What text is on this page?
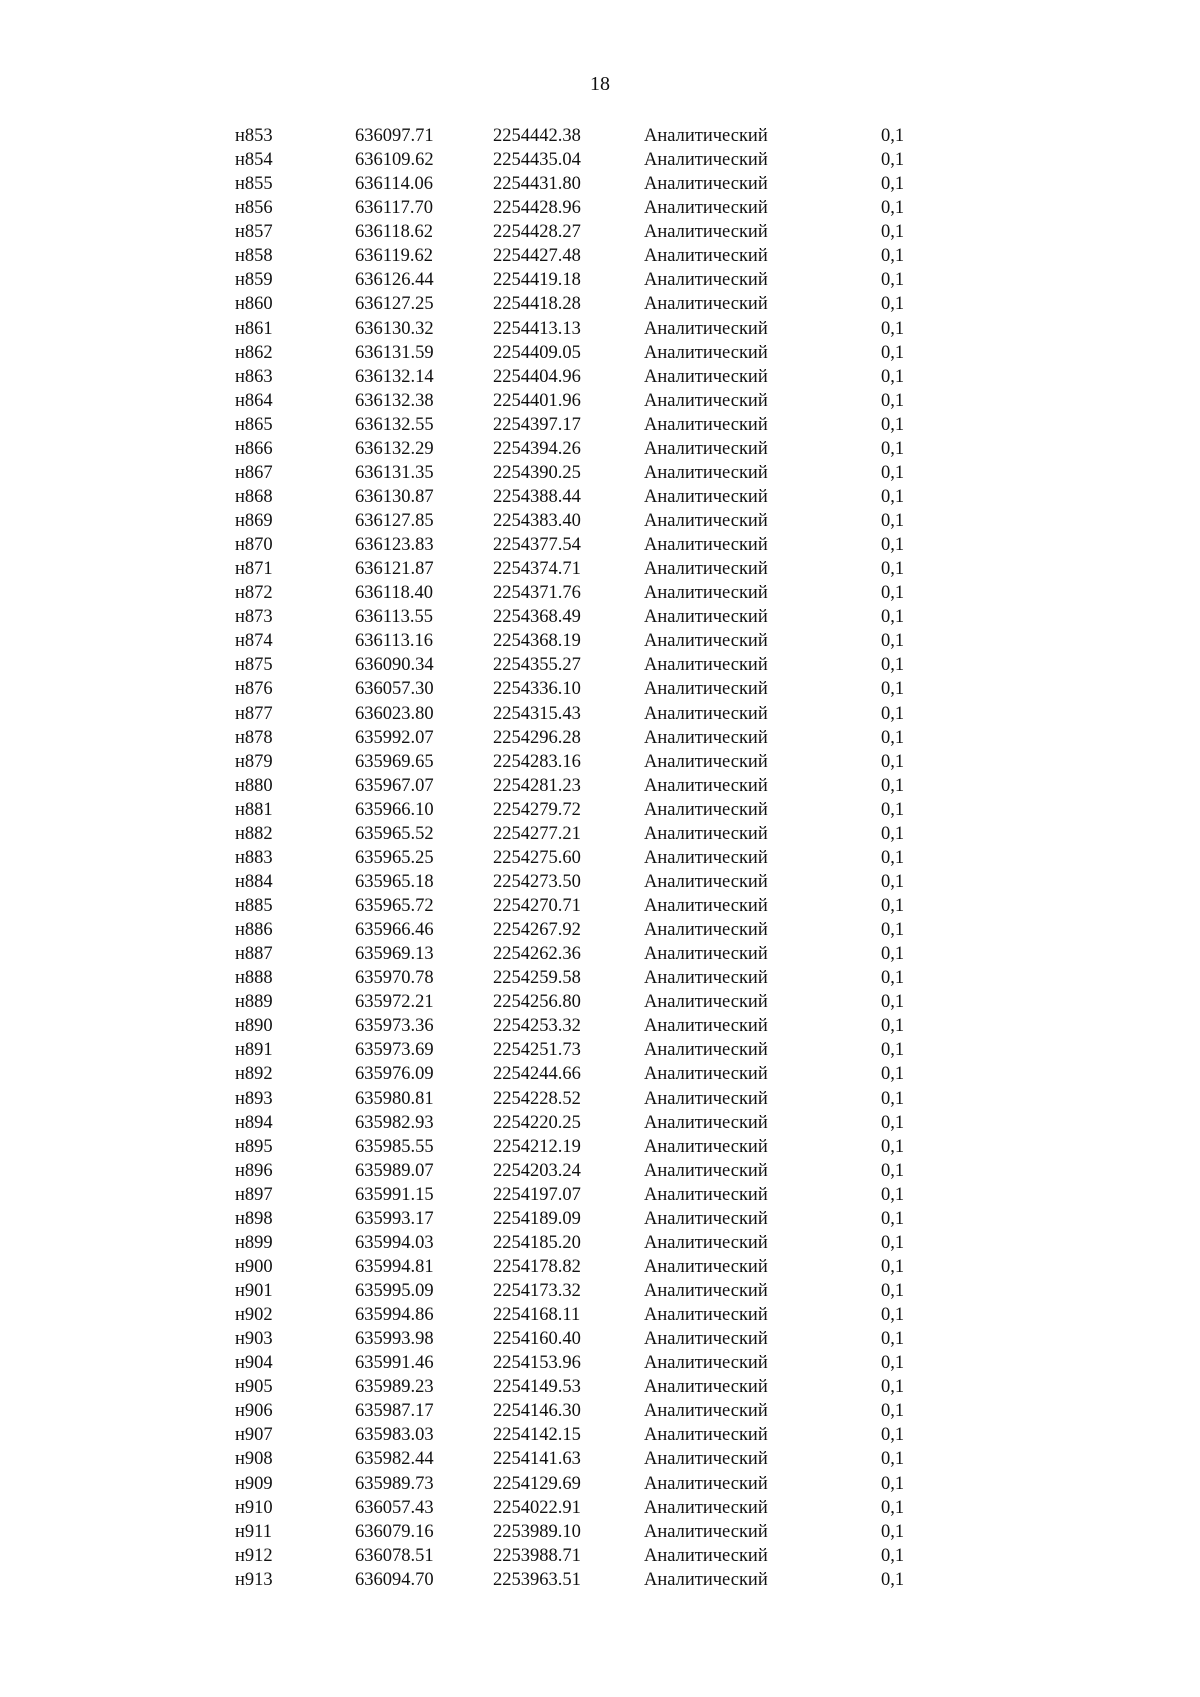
18
н853	636097.71	2254442.38	Аналитический	0,1
н854	636109.62	2254435.04	Аналитический	0,1
н855	636114.06	2254431.80	Аналитический	0,1
н856	636117.70	2254428.96	Аналитический	0,1
н857	636118.62	2254428.27	Аналитический	0,1
н858	636119.62	2254427.48	Аналитический	0,1
н859	636126.44	2254419.18	Аналитический	0,1
н860	636127.25	2254418.28	Аналитический	0,1
н861	636130.32	2254413.13	Аналитический	0,1
н862	636131.59	2254409.05	Аналитический	0,1
н863	636132.14	2254404.96	Аналитический	0,1
н864	636132.38	2254401.96	Аналитический	0,1
н865	636132.55	2254397.17	Аналитический	0,1
н866	636132.29	2254394.26	Аналитический	0,1
н867	636131.35	2254390.25	Аналитический	0,1
н868	636130.87	2254388.44	Аналитический	0,1
н869	636127.85	2254383.40	Аналитический	0,1
н870	636123.83	2254377.54	Аналитический	0,1
н871	636121.87	2254374.71	Аналитический	0,1
н872	636118.40	2254371.76	Аналитический	0,1
н873	636113.55	2254368.49	Аналитический	0,1
н874	636113.16	2254368.19	Аналитический	0,1
н875	636090.34	2254355.27	Аналитический	0,1
н876	636057.30	2254336.10	Аналитический	0,1
н877	636023.80	2254315.43	Аналитический	0,1
н878	635992.07	2254296.28	Аналитический	0,1
н879	635969.65	2254283.16	Аналитический	0,1
н880	635967.07	2254281.23	Аналитический	0,1
н881	635966.10	2254279.72	Аналитический	0,1
н882	635965.52	2254277.21	Аналитический	0,1
н883	635965.25	2254275.60	Аналитический	0,1
н884	635965.18	2254273.50	Аналитический	0,1
н885	635965.72	2254270.71	Аналитический	0,1
н886	635966.46	2254267.92	Аналитический	0,1
н887	635969.13	2254262.36	Аналитический	0,1
н888	635970.78	2254259.58	Аналитический	0,1
н889	635972.21	2254256.80	Аналитический	0,1
н890	635973.36	2254253.32	Аналитический	0,1
н891	635973.69	2254251.73	Аналитический	0,1
н892	635976.09	2254244.66	Аналитический	0,1
н893	635980.81	2254228.52	Аналитический	0,1
н894	635982.93	2254220.25	Аналитический	0,1
н895	635985.55	2254212.19	Аналитический	0,1
н896	635989.07	2254203.24	Аналитический	0,1
н897	635991.15	2254197.07	Аналитический	0,1
н898	635993.17	2254189.09	Аналитический	0,1
н899	635994.03	2254185.20	Аналитический	0,1
н900	635994.81	2254178.82	Аналитический	0,1
н901	635995.09	2254173.32	Аналитический	0,1
н902	635994.86	2254168.11	Аналитический	0,1
н903	635993.98	2254160.40	Аналитический	0,1
н904	635991.46	2254153.96	Аналитический	0,1
н905	635989.23	2254149.53	Аналитический	0,1
н906	635987.17	2254146.30	Аналитический	0,1
н907	635983.03	2254142.15	Аналитический	0,1
н908	635982.44	2254141.63	Аналитический	0,1
н909	635989.73	2254129.69	Аналитический	0,1
н910	636057.43	2254022.91	Аналитический	0,1
н911	636079.16	2253989.10	Аналитический	0,1
н912	636078.51	2253988.71	Аналитический	0,1
н913	636094.70	2253963.51	Аналитический	0,1
